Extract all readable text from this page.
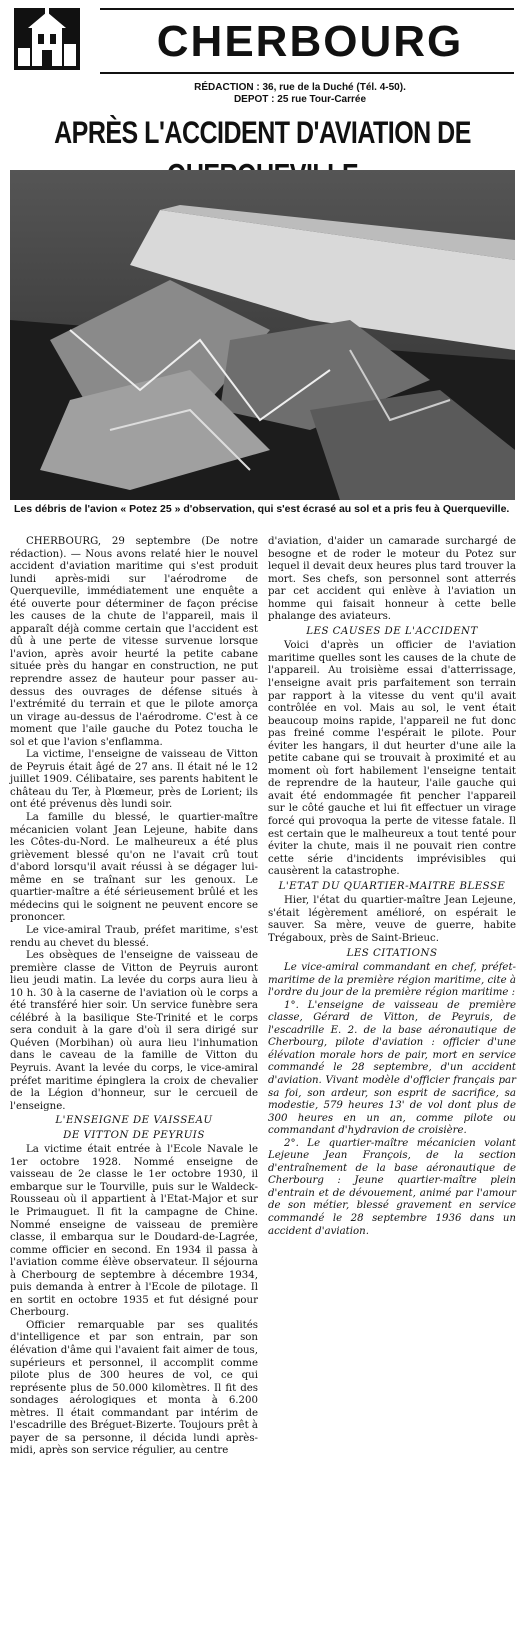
CHERBOURG
RÉDACTION : 36, rue de la Duché (Tél. 4-50).
DEPOT : 25 rue Tour-Carrée
APRÈS L'ACCIDENT D'AVIATION DE
Les débris de l'avion « Potez 25 » d'observation, qui s'est écrasé au sol et a pris feu à Querqueville.

CHERBOURG, 29 septembre (De notre rédaction). — Nous avons relaté hier le nouvel accident d'aviation maritime qui s'est produit lundi après-midi sur l'aérodrome de Querqueville, immédiatement une enquête a été ouverte pour déterminer de façon précise les causes de la chute de l'appareil, mais il apparaît déjà comme certain que l'accident est dû à une perte de vitesse survenue lorsque l'avion, après avoir heurté la petite cabane située près du hangar en construction, ne put reprendre assez de hauteur pour passer au-dessus des ouvrages de défense situés à l'extrémité du terrain et que le pilote amorça un virage au-dessus de l'aérodrome. C'est à ce moment que l'aile gauche du Potez toucha le sol et que l'avion s'enflamma.

La victime, l'enseigne de vaisseau de Vitton de Peyruis était âgé de 27 ans. Il était né le 12 juillet 1909. Célibataire, ses parents habitent le château du Ter, à Plœmeur, près de Lorient; ils ont été prévenus dès lundi soir.

La famille du blessé, le quartier-maître mécanicien volant Jean Lejeune, habite dans les Côtes-du-Nord. Le malheureux a été plus grièvement blessé qu'on ne l'avait crû tout d'abord lorsqu'il avait réussi à se dégager lui-même en se traînant sur les genoux. Le quartier-maître a été sérieusement brûlé et les médecins qui le soignent ne peuvent encore se prononcer.

Le vice-amiral Traub, préfet maritime, s'est rendu au chevet du blessé.

Les obsèques de l'enseigne de vaisseau de première classe de Vitton de Peyruis auront lieu jeudi matin. La levée du corps aura lieu à 10 h. 30 à la caserne de l'aviation où le corps a été transféré hier soir. Un service funèbre sera célébré à la basilique Ste-Trinité et le corps sera conduit à la gare d'où il sera dirigé sur Quéven (Morbihan) où aura lieu l'inhumation dans le caveau de la famille de Vitton du Peyruis. Avant la levée du corps, le vice-amiral préfet maritime épinglera la croix de chevalier de la Légion d'honneur, sur le cercueil de l'enseigne.

L'ENSEIGNE DE VAISSEAU

DE VITTON DE PEYRUIS

La victime était entrée à l'Ecole Navale le 1er octobre 1928. Nommé enseigne de vaisseau de 2e classe le 1er octobre 1930, il embarque sur le Tourville, puis sur le Waldeck-Rousseau où il appartient à l'Etat-Major et sur le Primauguet. Il fit la campagne de Chine. Nommé enseigne de vaisseau de première classe, il embarqua sur le Doudard-de-Lagrée, comme officier en second. En 1934 il passa à l'aviation comme élève observateur. Il séjourna à Cherbourg de septembre à décembre 1934, puis demanda à entrer à l'Ecole de pilotage. Il en sortit en octobre 1935 et fut désigné pour Cherbourg.

Officier remarquable par ses qualités d'intelligence et par son entrain, par son élévation d'âme qui l'avaient fait aimer de tous, supérieurs et personnel, il accomplit comme pilote plus de 300 heures de vol, ce qui représente plus de 50.000 kilomètres. Il fit des sondages aérologiques et monta à 6.200 mètres. Il était commandant par intérim de l'escadrille des Bréguet-Bizerte. Toujours prêt à payer de sa personne, il décida lundi après-midi, après son service régulier, au centre

d'aviation, d'aider un camarade surchargé de besogne et de roder le moteur du Potez sur lequel il devait deux heures plus tard trouver la mort. Ses chefs, son personnel sont atterrés par cet accident qui enlève à l'aviation un homme qui faisait honneur à cette belle phalange des aviateurs.

LES CAUSES DE L'ACCIDENT

Voici d'après un officier de l'aviation maritime quelles sont les causes de la chute de l'appareil. Au troisième essai d'atterrissage, l'enseigne avait pris parfaitement son terrain par rapport à la vitesse du vent qu'il avait contrôlée en vol. Mais au sol, le vent était beaucoup moins rapide, l'appareil ne fut donc pas freiné comme l'espérait le pilote. Pour éviter les hangars, il dut heurter d'une aile la petite cabane qui se trouvait à proximité et au moment où fort habilement l'enseigne tentait de reprendre de la hauteur, l'aile gauche qui avait été endommagée fit pencher l'appareil sur le côté gauche et lui fit effectuer un virage forcé qui provoqua la perte de vitesse fatale. Il est certain que le malheureux a tout tenté pour éviter la chute, mais il ne pouvait rien contre cette série d'incidents imprévisibles qui causèrent la catastrophe.

L'ETAT DU QUARTIER-MAITRE BLESSE

Hier, l'état du quartier-maître Jean Lejeune, s'était légèrement amélioré, on espérait le sauver. Sa mère, veuve de guerre, habite Trégaboux, près de Saint-Brieuc.

LES CITATIONS

Le vice-amiral commandant en chef, préfet-maritime de la première région maritime, cite à l'ordre du jour de la première région maritime :

1°. L'enseigne de vaisseau de première classe, Gérard de Vitton, de Peyruis, de l'escadrille E. 2. de la base aéronautique de Cherbourg, pilote d'aviation : officier d'une élévation morale hors de pair, mort en service commandé le 28 septembre, d'un accident d'aviation. Vivant modèle d'officier français par sa foi, son ardeur, son esprit de sacrifice, sa modestie, 579 heures 13' de vol dont plus de 300 heures en un an, comme pilote ou commandant d'hydravion de croisière.

2°. Le quartier-maître mécanicien volant Lejeune Jean François, de la section d'entraînement de la base aéronautique de Cherbourg : Jeune quartier-maître plein d'entrain et de dévouement, animé par l'amour de son métier, blessé gravement en service commandé le 28 septembre 1936 dans un accident d'aviation.
